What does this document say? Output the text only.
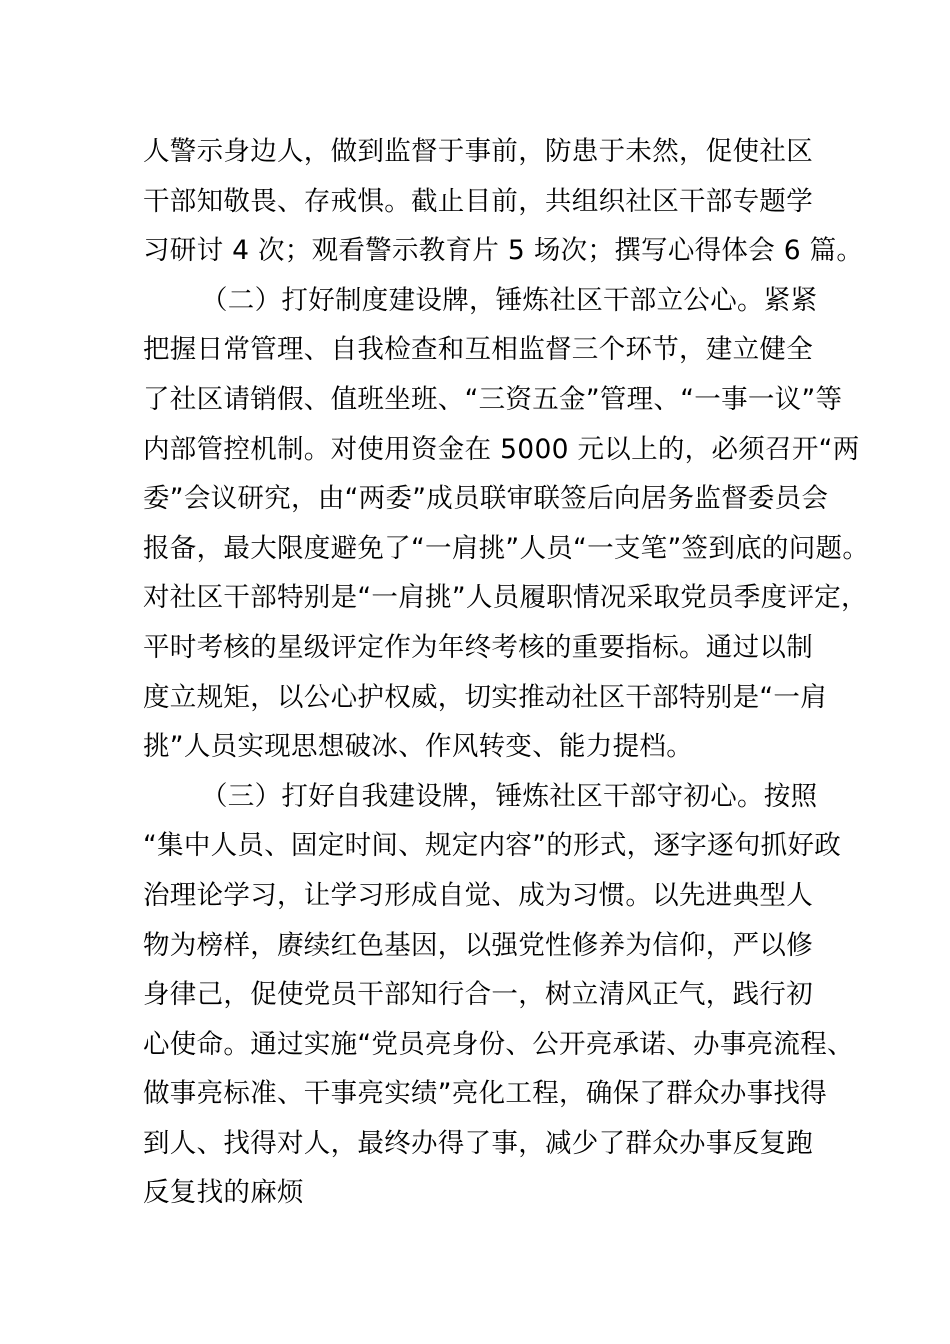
人警示身边人，做到监督于事前，防患于未然，促使社区
干部知敬畏、存戒惧。截止目前，共组织社区干部专题学
习研讨 4 次；观看警示教育片 5 场次；撰写心得体会 6 篇。
（二）打好制度建设牌，锤炼社区干部立公心。紧紧
把握日常管理、自我检查和互相监督三个环节，建立健全
了社区请销假、值班坐班、“三资五金”管理、“一事一议”等
内部管控机制。对使用资金在 5000 元以上的，必须召开“两
委”会议研究，由“两委”成员联审联签后向居务监督委员会
报备，最大限度避免了“一肩挑”人员“一支笔”签到底的问题。
对社区干部特别是“一肩挑”人员履职情况采取党员季度评定，
平时考核的星级评定作为年终考核的重要指标。通过以制
度立规矩，以公心护权威，切实推动社区干部特别是“一肩
挑”人员实现思想破冰、作风转变、能力提档。
（三）打好自我建设牌，锤炼社区干部守初心。按照
“集中人员、固定时间、规定内容”的形式，逐字逐句抓好政
治理论学习，让学习形成自觉、成为习惯。以先进典型人
物为榜样，赓续红色基因，以强党性修养为信仰，严以修
身律己，促使党员干部知行合一，树立清风正气，践行初
心使命。通过实施“党员亮身份、公开亮承诺、办事亮流程、
做事亮标准、干事亮实绩”亮化工程，确保了群众办事找得
到人、找得对人，最终办得了事，减少了群众办事反复跑
反复找的麻烦
